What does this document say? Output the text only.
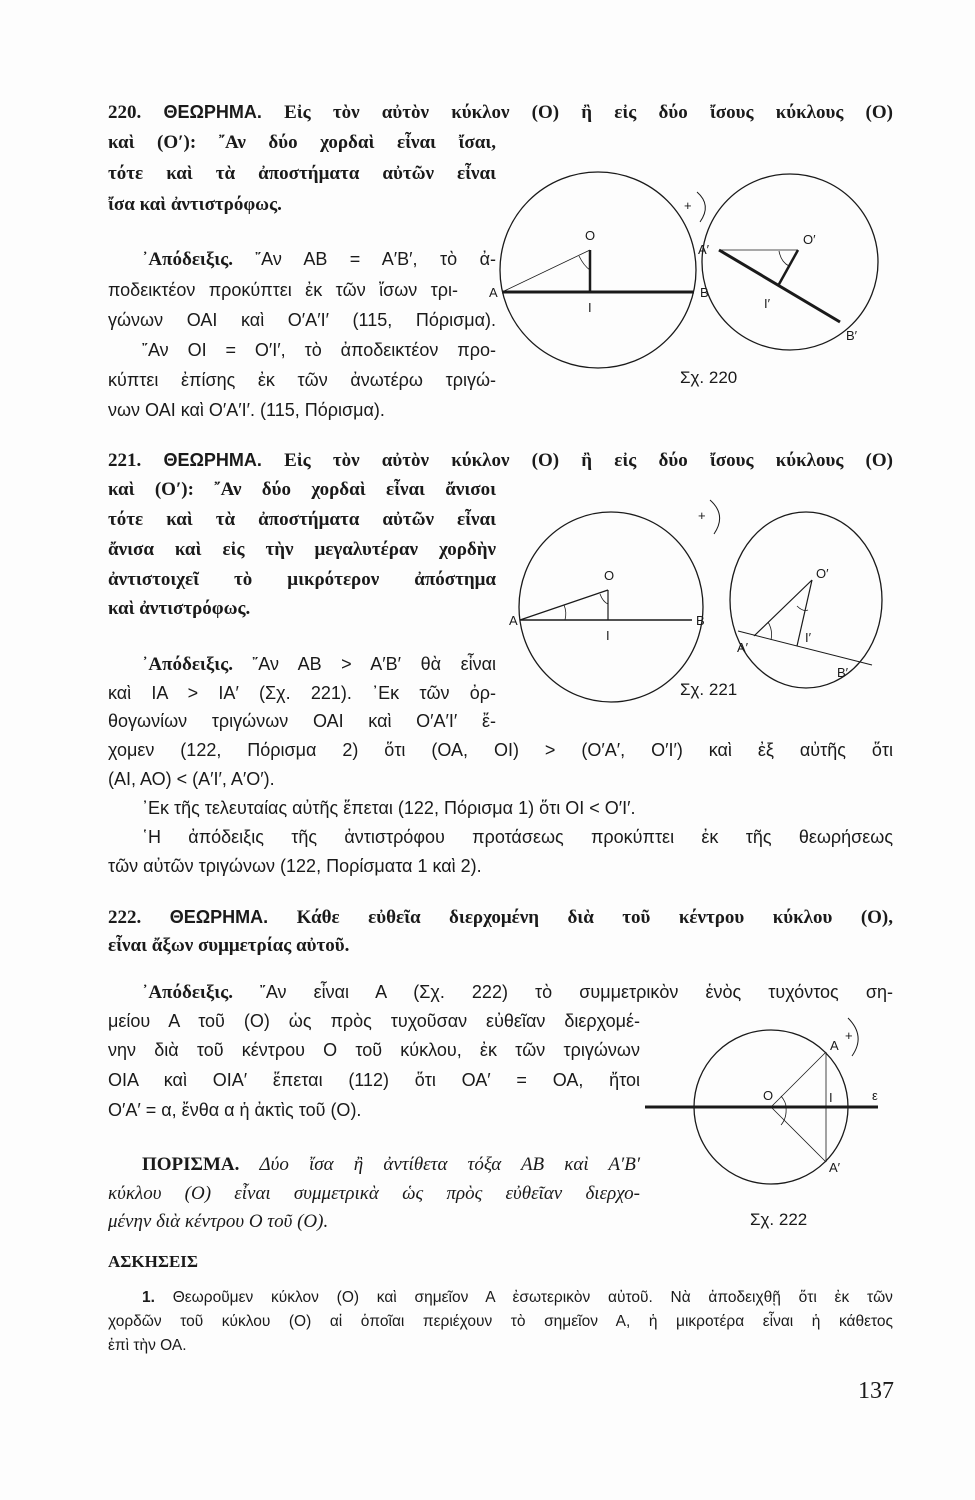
220. ΘΕΩΡΗΜΑ. Εἰς τὸν αὐτὸν κύκλον (Ο) ἢ εἰς δύο ἴσους κύκλους (Ο)
καὶ (Ο′): ῎Αν δύο χορδαὶ εἶναι ἴσαι,
τότε καὶ τὰ ἀποστήματα αὐτῶν εἶναι
ἴσα καὶ ἀντιστρόφως.
᾿Απόδειξις. ῎Αν ΑΒ = Α′Β′, τὸ ἀ-
ποδεικτέον προκύπτει ἐκ τῶν ἴσων τρι-
γώνων ΟΑΙ καὶ Ο′Α′Ι′ (115, Πόρισμα).
῎Αν ΟΙ = Ο′Ι′, τὸ ἀποδεικτέον προ-
κύπτει ἐπίσης ἐκ τῶν ἀνωτέρω τριγώ-
νων ΟΑΙ καὶ Ο′Α′Ι′. (115, Πόρισμα).
Σχ. 220
221. ΘΕΩΡΗΜΑ. Εἰς τὸν αὐτὸν κύκλον (Ο) ἢ εἰς δύο ἴσους κύκλους (Ο)
καὶ (Ο′): ῎Αν δύο χορδαὶ εἶναι ἄνισοι
τότε καὶ τὰ ἀποστήματα αὐτῶν εἶναι
ἄνισα καὶ εἰς τὴν μεγαλυτέραν χορδὴν
ἀντιστοιχεῖ τὸ μικρότερον ἀπόστημα
καὶ ἀντιστρόφως.
᾿Απόδειξις. ῎Αν ΑΒ > Α′Β′ θὰ εἶναι
καὶ ΙΑ > ΙΑ′ (Σχ. 221). ᾿Εκ τῶν ὀρ-
θογωνίων τριγώνων ΟΑΙ καὶ Ο′Α′Ι′ ἔ-
χομεν (122, Πόρισμα 2) ὅτι (ΟΑ, ΟΙ) > (Ο′Α′, Ο′Ι′) καὶ ἐξ αὐτῆς ὅτι
(ΑΙ, ΑΟ) < (Α′Ι′, Α′Ο′).
᾿Εκ τῆς τελευταίας αὐτῆς ἕπεται (122, Πόρισμα 1) ὅτι ΟΙ < Ο′Ι′.
῾Η ἀπόδειξις τῆς ἀντιστρόφου προτάσεως προκύπτει ἐκ τῆς θεωρήσεως
τῶν αὐτῶν τριγώνων (122, Πορίσματα 1 καὶ 2).
Σχ. 221
222. ΘΕΩΡΗΜΑ. Κάθε εὐθεῖα διερχομένη διὰ τοῦ κέντρου κύκλου (Ο),
εἶναι ἄξων συμμετρίας αὐτοῦ.
᾿Απόδειξις. ῎Αν εἶναι Α (Σχ. 222) τὸ συμμετρικὸν ἑνὸς τυχόντος ση-
μείου Α τοῦ (Ο) ὡς πρὸς τυχοῦσαν εὐθεῖαν διερχομέ-
νην διὰ τοῦ κέντρου Ο τοῦ κύκλου, ἐκ τῶν τριγώνων
ΟΙΑ καὶ ΟΙΑ′ ἕπεται (112) ὅτι ΟΑ′ = ΟΑ, ἤτοι
Ο′Α′ = α, ἔνθα α ἡ ἀκτὶς τοῦ (Ο).
ΠΟΡΙΣΜΑ. Δύο ἴσα ἢ ἀντίθετα τόξα ΑΒ καὶ Α′Β′
κύκλου (Ο) εἶναι συμμετρικὰ ὡς πρὸς εὐθεῖαν διερχο-
μένην διὰ κέντρου Ο τοῦ (Ο).	Σχ. 222
ΑΣΚΗΣΕΙΣ
1. Θεωροῦμεν κύκλον (Ο) καὶ σημεῖον Α ἐσωτερικὸν αὐτοῦ. Νὰ ἀποδειχθῇ ὅτι ἐκ τῶν
χορδῶν τοῦ κύκλου (Ο) αἱ ὁποῖαι περιέχουν τὸ σημεῖον Α, ἡ μικροτέρα εἶναι ἡ κάθετος
ἐπὶ τὴν ΟΑ.
137
+
O
A	B
I
A′
O′
I′
B′
+
O
A	B
I
A′
O′
I′
B′
+
O
A
I
A′
ε
